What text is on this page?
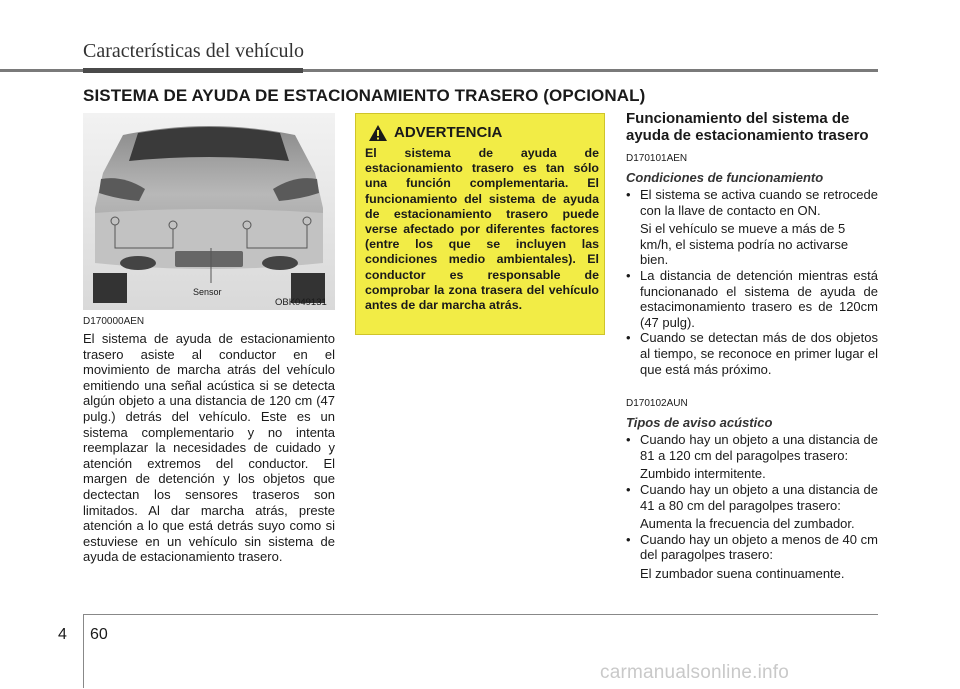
Características del vehículo
SISTEMA DE AYUDA DE ESTACIONAMIENTO TRASERO (OPCIONAL)
Sensor
OBK049131
D170000AEN
El sistema de ayuda de estacionamiento trasero asiste al conductor en el movimiento de marcha atrás del vehículo emitiendo una señal acústica si se detecta algún objeto a una distancia de 120 cm (47 pulg.) detrás del vehículo. Este es un sistema complementario y no intenta reemplazar la necesidades de cuidado y atención extremos del conductor. El margen de detención y los objetos que dectectan los sensores traseros son limitados. Al dar marcha atrás, preste atención a lo que está detrás suyo como si estuviese en un vehículo sin sistema de ayuda de estacionamiento trasero.
ADVERTENCIA
El sistema de ayuda de estacionamiento trasero es tan sólo una función complementaria. El funcionamiento del sistema de ayuda de estacionamiento trasero puede verse afectado por diferentes factores (entre los que se incluyen las condiciones medio ambientales). El conductor es responsable de comprobar la zona trasera del vehículo antes de dar marcha atrás.

Funcionamiento del sistema de ayuda de estacionamiento trasero

D170101AEN
Condiciones de funcionamiento
• El sistema se activa cuando se retrocede con la llave de contacto en ON.
Si el vehículo se mueve a más de 5 km/h, el sistema podría no activarse bien.
• La distancia de detención mientras está funcionanado el sistema de ayuda de estacimonamiento trasero es de 120cm (47 pulg).
• Cuando se detectan más de dos objetos al tiempo, se reconoce en primer lugar el que está más próximo.
D170102AUN
Tipos de aviso acústico
• Cuando hay un objeto a una distancia de 81 a 120 cm del paragolpes trasero:
Zumbido intermitente.
• Cuando hay un objeto a una distancia de 41 a 80 cm del paragolpes trasero:
Aumenta la frecuencia del zumbador.
• Cuando hay un objeto a menos de 40 cm del paragolpes trasero:
El zumbador suena continuamente.
4 60
carmanualsonline.info
